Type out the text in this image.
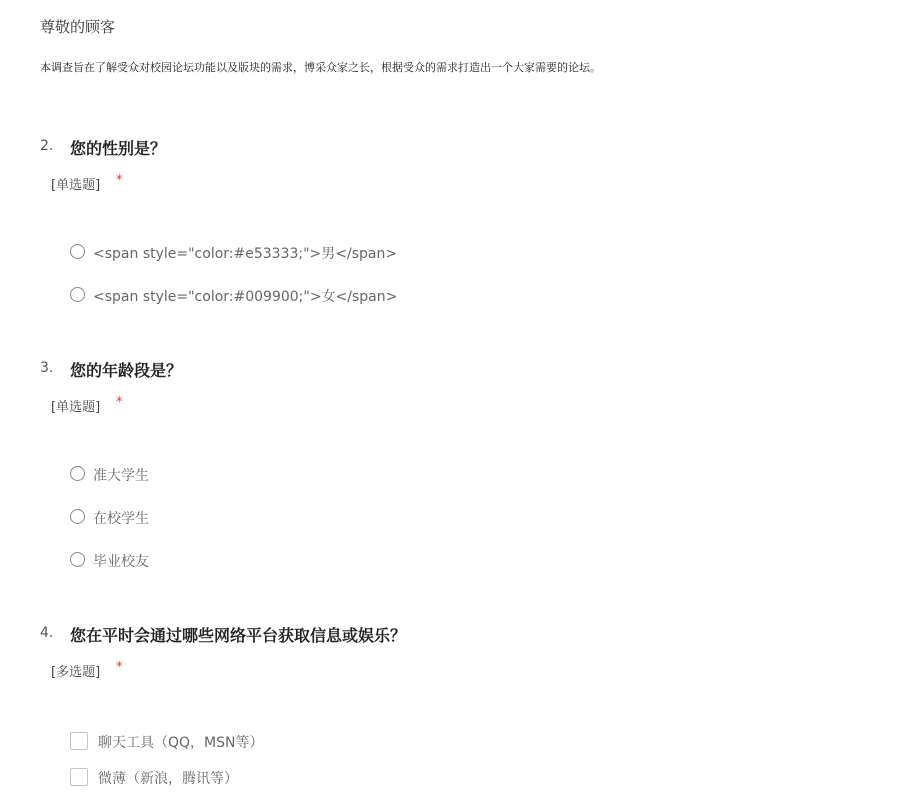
尊敬的顾客
本调查旨在了解受众对校园论坛功能以及版块的需求，博采众家之长，根据受众的需求打造出一个大家需要的论坛。
2. 您的性别是？
[单选题] *
<span style="color:#e53333;">男</span>
<span style="color:#009900;">女</span>
3. 您的年龄段是？
[单选题] *
准大学生
在校学生
毕业校友
4. 您在平时会通过哪些网络平台获取信息或娱乐？
[多选题] *
聊天工具（QQ，MSN等）
微薄（新浪，腾讯等）
